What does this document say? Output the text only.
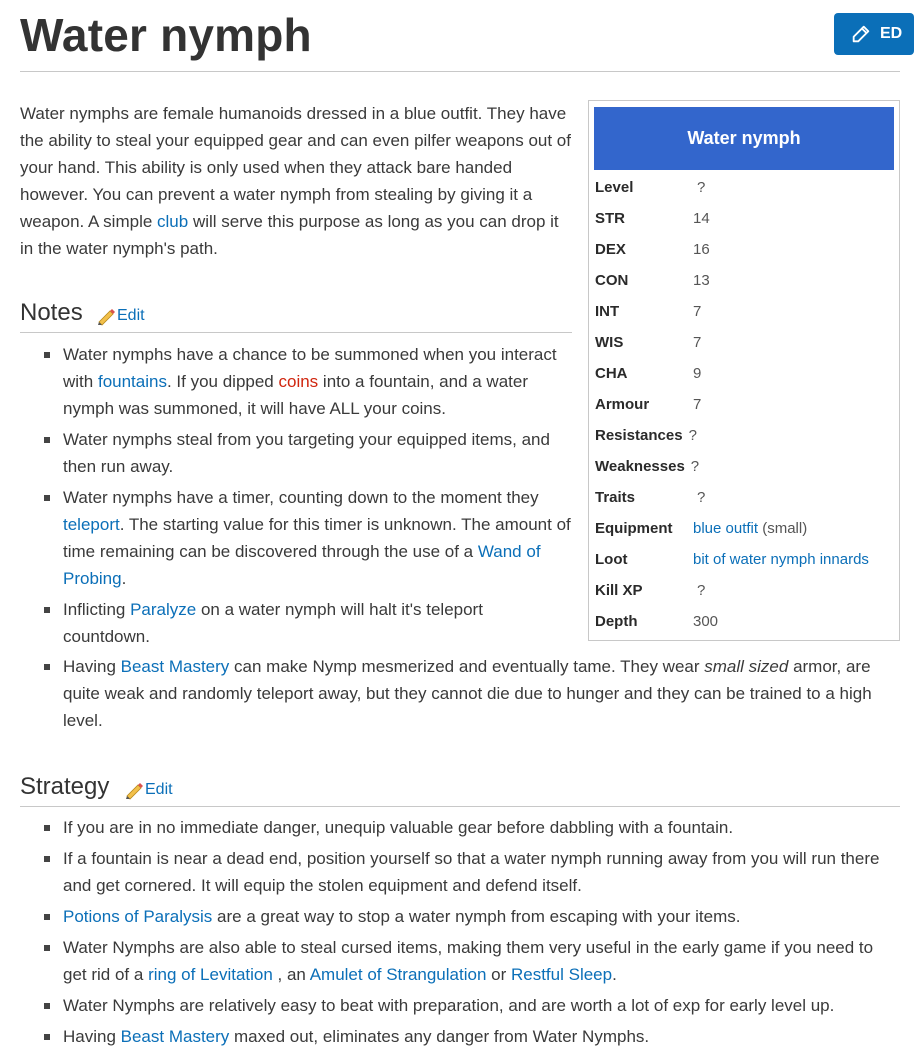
Water nymph	ED

Water nymphs are female humanoids dressed in a blue outfit. They have the ability to steal your equipped gear and can even pilfer weapons out of your hand. This ability is only used when they attack bare handed however. You can prevent a water nymph from stealing by giving it a weapon. A simple club will serve this purpose as long as you can drop it in the water nymph's path.

Water nymph
Level	?
STR	14
DEX	16
CON	13
INT	7
WIS	7
CHA	9
Armour	7
Resistances ?
Weaknesses ?
Traits	?
Equipment	blue outfit (small)
Loot	bit of water nymph innards
Kill XP	?
Depth	300
Notes Edit
Water nymphs have a chance to be summoned when you interact with fountains. If you dipped coins into a fountain, and a water nymph was summoned, it will have ALL your coins.
Water nymphs steal from you targeting your equipped items, and then run away.
Water nymphs have a timer, counting down to the moment they teleport. The starting value for this timer is unknown. The amount of time remaining can be discovered through the use of a Wand of Probing.
Inflicting Paralyze on a water nymph will halt it's teleport countdown.
Having Beast Mastery can make Nymp mesmerized and eventually tame. They wear small sized armor, are quite weak and randomly teleport away, but they cannot die due to hunger and they can be trained to a high level.
Strategy Edit
If you are in no immediate danger, unequip valuable gear before dabbling with a fountain.
If a fountain is near a dead end, position yourself so that a water nymph running away from you will run there and get cornered. It will equip the stolen equipment and defend itself.
Potions of Paralysis are a great way to stop a water nymph from escaping with your items.
Water Nymphs are also able to steal cursed items, making them very useful in the early game if you need to get rid of a ring of Levitation , an Amulet of Strangulation or Restful Sleep.
Water Nymphs are relatively easy to beat with preparation, and are worth a lot of exp for early level up.
Having Beast Mastery maxed out, eliminates any danger from Water Nymphs.
